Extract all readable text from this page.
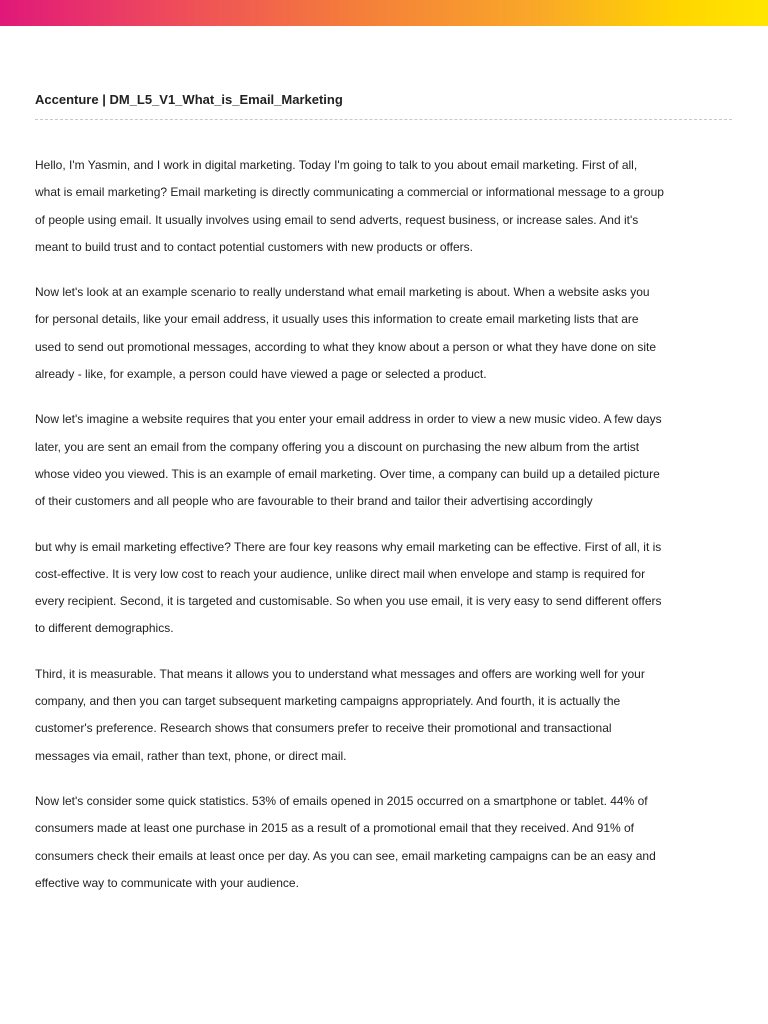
Accenture | DM_L5_V1_What_is_Email_Marketing

Hello, I'm Yasmin, and I work in digital marketing. Today I'm going to talk to you about email marketing. First of all, what is email marketing? Email marketing is directly communicating a commercial or informational message to a group of people using email. It usually involves using email to send adverts, request business, or increase sales. And it's meant to build trust and to contact potential customers with new products or offers.

Now let's look at an example scenario to really understand what email marketing is about. When a website asks you for personal details, like your email address, it usually uses this information to create email marketing lists that are used to send out promotional messages, according to what they know about a person or what they have done on site already - like, for example, a person could have viewed a page or selected a product.

Now let's imagine a website requires that you enter your email address in order to view a new music video. A few days later, you are sent an email from the company offering you a discount on purchasing the new album from the artist whose video you viewed. This is an example of email marketing. Over time, a company can build up a detailed picture of their customers and all people who are favourable to their brand and tailor their advertising accordingly

but why is email marketing effective? There are four key reasons why email marketing can be effective. First of all, it is cost-effective. It is very low cost to reach your audience, unlike direct mail when envelope and stamp is required for every recipient. Second, it is targeted and customisable. So when you use email, it is very easy to send different offers to different demographics.

Third, it is measurable. That means it allows you to understand what messages and offers are working well for your company, and then you can target subsequent marketing campaigns appropriately. And fourth, it is actually the customer's preference. Research shows that consumers prefer to receive their promotional and transactional messages via email, rather than text, phone, or direct mail.

Now let's consider some quick statistics. 53% of emails opened in 2015 occurred on a smartphone or tablet. 44% of consumers made at least one purchase in 2015 as a result of a promotional email that they received. And 91% of consumers check their emails at least once per day. As you can see, email marketing campaigns can be an easy and effective way to communicate with your audience.
